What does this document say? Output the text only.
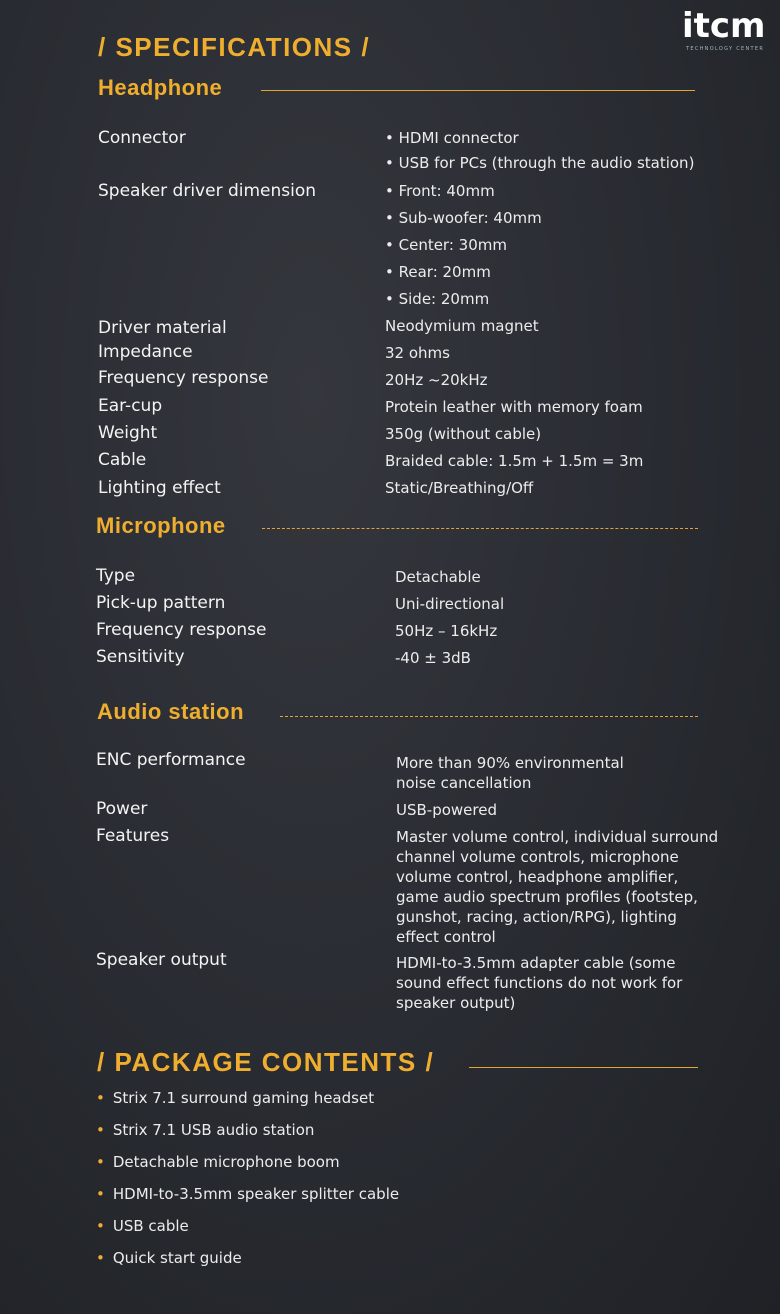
itcm
TECHNOLOGY CENTER
/ SPECIFICATIONS /
Headphone
Connector	• HDMI connector
• USB for PCs (through the audio station)
Speaker driver dimension	• Front: 40mm
• Sub-woofer: 40mm
• Center: 30mm
• Rear: 20mm
• Side: 20mm
Driver material	Neodymium magnet
Impedance	32 ohms
Frequency response	20Hz ~20kHz
Ear-cup	Protein leather with memory foam
Weight	350g (without cable)
Cable	Braided cable: 1.5m + 1.5m = 3m
Lighting effect	Static/Breathing/Off
Microphone
Type	Detachable
Pick-up pattern	Uni-directional
Frequency response	50Hz – 16kHz
Sensitivity	-40 ± 3dB
Audio station
ENC performance	More than 90% environmental noise cancellation
Power	USB-powered
Features	Master volume control, individual surround channel volume controls, microphone volume control, headphone amplifier, game audio spectrum profiles (footstep, gunshot, racing, action/RPG), lighting effect control
Speaker output	HDMI-to-3.5mm adapter cable (some sound effect functions do not work for speaker output)
/ PACKAGE CONTENTS /
• Strix 7.1 surround gaming headset
• Strix 7.1 USB audio station
• Detachable microphone boom
• HDMI-to-3.5mm speaker splitter cable
• USB cable
• Quick start guide
